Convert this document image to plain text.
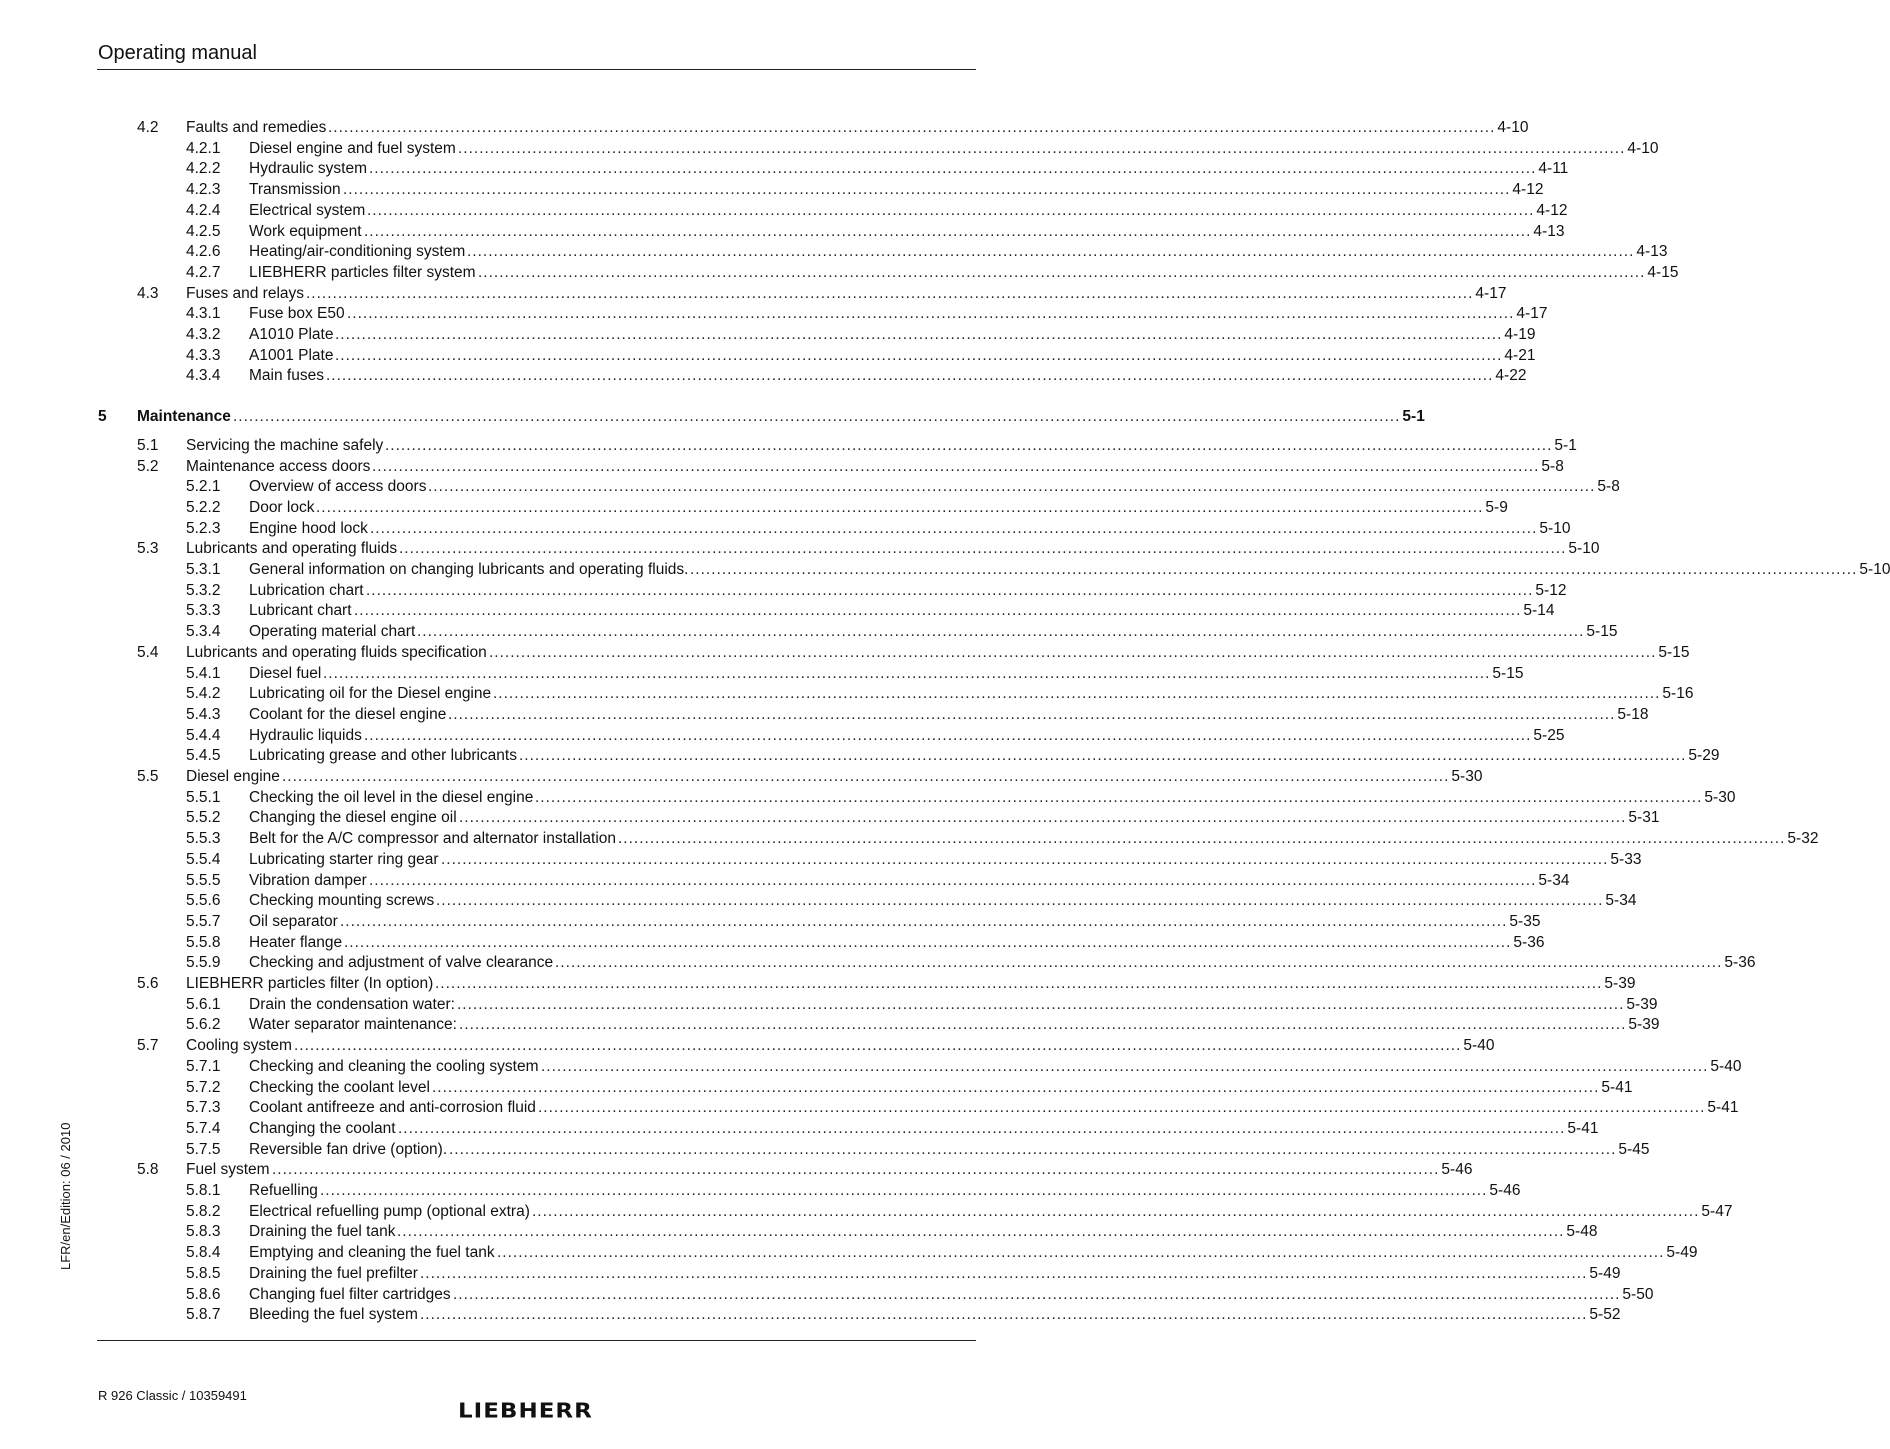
Operating manual
4.2 Faults and remedies ............................................................................................................................................................................................................................ 4-10
4.2.1 Diesel engine and fuel system ............................................................................................................................................................................................................................ 4-10
4.2.2 Hydraulic system ............................................................................................................................................................................................................................ 4-11
4.2.3 Transmission ............................................................................................................................................................................................................................ 4-12
4.2.4 Electrical system ............................................................................................................................................................................................................................ 4-12
4.2.5 Work equipment ............................................................................................................................................................................................................................ 4-13
4.2.6 Heating/air-conditioning system ............................................................................................................................................................................................................................ 4-13
4.2.7 LIEBHERR particles filter system ............................................................................................................................................................................................................................ 4-15
4.3 Fuses and relays ............................................................................................................................................................................................................................ 4-17
4.3.1 Fuse box E50 ............................................................................................................................................................................................................................ 4-17
4.3.2 A1010 Plate ............................................................................................................................................................................................................................ 4-19
4.3.3 A1001 Plate ............................................................................................................................................................................................................................ 4-21
4.3.4 Main fuses ............................................................................................................................................................................................................................ 4-22
5 Maintenance ............................................................................................................................................................................................................................ 5-1
5.1 Servicing the machine safely ............................................................................................................................................................................................................................ 5-1
5.2 Maintenance access doors ............................................................................................................................................................................................................................ 5-8
5.2.1 Overview of access doors ............................................................................................................................................................................................................................ 5-8
5.2.2 Door lock ............................................................................................................................................................................................................................ 5-9
5.2.3 Engine hood lock ............................................................................................................................................................................................................................ 5-10
5.3 Lubricants and operating fluids ............................................................................................................................................................................................................................ 5-10
5.3.1 General information on changing lubricants and operating fluids. ............................................................................................................................................................................................................................ 5-10
5.3.2 Lubrication chart ............................................................................................................................................................................................................................ 5-12
5.3.3 Lubricant chart ............................................................................................................................................................................................................................ 5-14
5.3.4 Operating material chart ............................................................................................................................................................................................................................ 5-15
5.4 Lubricants and operating fluids specification ............................................................................................................................................................................................................................ 5-15
5.4.1 Diesel fuel ............................................................................................................................................................................................................................ 5-15
5.4.2 Lubricating oil for the Diesel engine ............................................................................................................................................................................................................................ 5-16
5.4.3 Coolant for the diesel engine ............................................................................................................................................................................................................................ 5-18
5.4.4 Hydraulic liquids ............................................................................................................................................................................................................................ 5-25
5.4.5 Lubricating grease and other lubricants ............................................................................................................................................................................................................................ 5-29
5.5 Diesel engine ............................................................................................................................................................................................................................ 5-30
5.5.1 Checking the oil level in the diesel engine ............................................................................................................................................................................................................................ 5-30
5.5.2 Changing the diesel engine oil ............................................................................................................................................................................................................................ 5-31
5.5.3 Belt for the A/C compressor and alternator installation ............................................................................................................................................................................................................................ 5-32
5.5.4 Lubricating starter ring gear ............................................................................................................................................................................................................................ 5-33
5.5.5 Vibration damper ............................................................................................................................................................................................................................ 5-34
5.5.6 Checking mounting screws ............................................................................................................................................................................................................................ 5-34
5.5.7 Oil separator ............................................................................................................................................................................................................................ 5-35
5.5.8 Heater flange ............................................................................................................................................................................................................................ 5-36
5.5.9 Checking and adjustment of valve clearance ............................................................................................................................................................................................................................ 5-36
5.6 LIEBHERR particles filter (In option) ............................................................................................................................................................................................................................ 5-39
5.6.1 Drain the condensation water: ............................................................................................................................................................................................................................ 5-39
5.6.2 Water separator maintenance: ............................................................................................................................................................................................................................ 5-39
5.7 Cooling system ............................................................................................................................................................................................................................ 5-40
5.7.1 Checking and cleaning the cooling system ............................................................................................................................................................................................................................ 5-40
5.7.2 Checking the coolant level ............................................................................................................................................................................................................................ 5-41
5.7.3 Coolant antifreeze and anti-corrosion fluid ............................................................................................................................................................................................................................ 5-41
5.7.4 Changing the coolant ............................................................................................................................................................................................................................ 5-41
5.7.5 Reversible fan drive (option). ............................................................................................................................................................................................................................ 5-45
5.8 Fuel system ............................................................................................................................................................................................................................ 5-46
5.8.1 Refuelling ............................................................................................................................................................................................................................ 5-46
5.8.2 Electrical refuelling pump (optional extra) ............................................................................................................................................................................................................................ 5-47
5.8.3 Draining the fuel tank ............................................................................................................................................................................................................................ 5-48
5.8.4 Emptying and cleaning the fuel tank ............................................................................................................................................................................................................................ 5-49
5.8.5 Draining the fuel prefilter ............................................................................................................................................................................................................................ 5-49
5.8.6 Changing fuel filter cartridges ............................................................................................................................................................................................................................ 5-50
5.8.7 Bleeding the fuel system ............................................................................................................................................................................................................................ 5-52
LFR/en/Edition: 06 / 2010
R 926 Classic / 10359491
LIEBHERR
